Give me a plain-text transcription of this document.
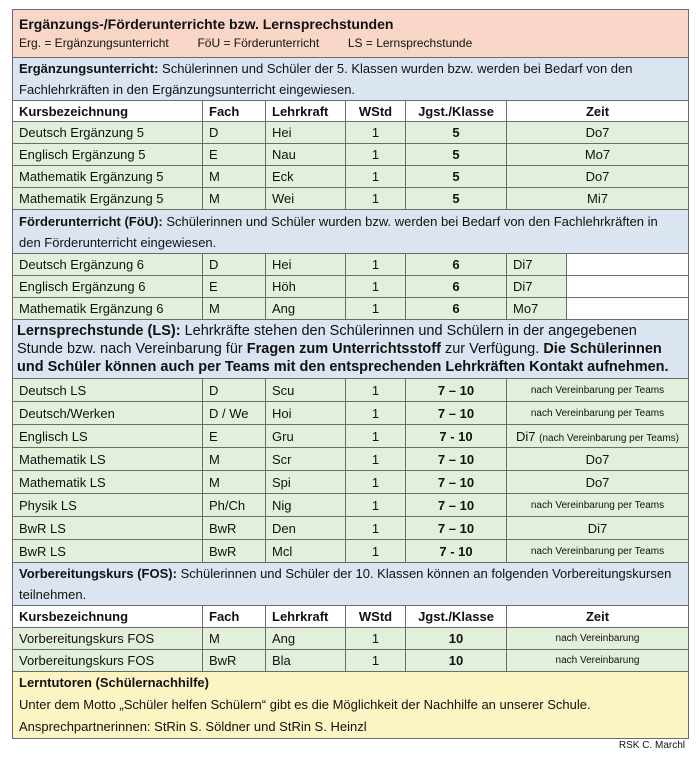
Ergänzungs-/Förderunterrichte bzw. Lernsprechstunden
Erg. = Ergänzungsunterricht FöU = Förderunterricht LS = Lernsprechstunde						

Ergänzungsunterricht: Schülerinnen und Schüler der 5. Klassen wurden bzw. werden bei Bedarf von den Fachlehrkräften in den Ergänzungsunterricht eingewiesen.						
Kursbezeichnung	Fach	Lehrkraft	WStd	Jgst./Klasse	Zeit	
Deutsch Ergänzung 5	D	Hei	1	5	Do7	
Englisch Ergänzung 5	E	Nau	1	5	Mo7	
Mathematik Ergänzung 5	M	Eck	1	5	Do7	
Mathematik Ergänzung 5	M	Wei	1	5	Mi7	
Förderunterricht (FöU): Schülerinnen und Schüler wurden bzw. werden bei Bedarf von den Fachlehrkräften in den Förderunterricht eingewiesen.						
Deutsch Ergänzung 6	D	Hei	1	6	Di7	
Englisch Ergänzung 6	E	Höh	1	6	Di7	
Mathematik Ergänzung 6	M	Ang	1	6	Mo7	
Lernsprechstunde (LS): Lehrkräfte stehen den Schülerinnen und Schülern in der angegebenen Stunde bzw. nach Vereinbarung für Fragen zum Unterrichtsstoff zur Verfügung. Die Schülerinnen und Schüler können auch per Teams mit den entsprechenden Lehrkräften Kontakt aufnehmen.						
Deutsch LS	D	Scu	1	7 – 10	nach Vereinbarung per Teams	
Deutsch/Werken	D / We	Hoi	1	7 – 10	nach Vereinbarung per Teams	
Englisch LS	E	Gru	1	7 - 10	Di7 (nach Vereinbarung per Teams)	
Mathematik LS	M	Scr	1	7 – 10	Do7	
Mathematik LS	M	Spi	1	7 – 10	Do7	
Physik LS	Ph/Ch	Nig	1	7 – 10	nach Vereinbarung per Teams	
BwR LS	BwR	Den	1	7 – 10	Di7	
BwR LS	BwR	Mcl	1	7 - 10	nach Vereinbarung per Teams	
Vorbereitungskurs (FOS): Schülerinnen und Schüler der 10. Klassen können an folgenden Vorbereitungskursen teilnehmen.						
Kursbezeichnung	Fach	Lehrkraft	WStd	Jgst./Klasse	Zeit	
Vorbereitungskurs FOS	M	Ang	1	10	nach Vereinbarung	
Vorbereitungskurs FOS	BwR	Bla	1	10	nach Vereinbarung	

Lerntutoren (Schülernachhilfe)
Unter dem Motto „Schüler helfen Schülern“ gibt es die Möglichkeit der Nachhilfe an unserer Schule. Ansprechpartnerinnen: StRin S. Söldner und StRin S. Heinzl						
RSK C. Marchl
